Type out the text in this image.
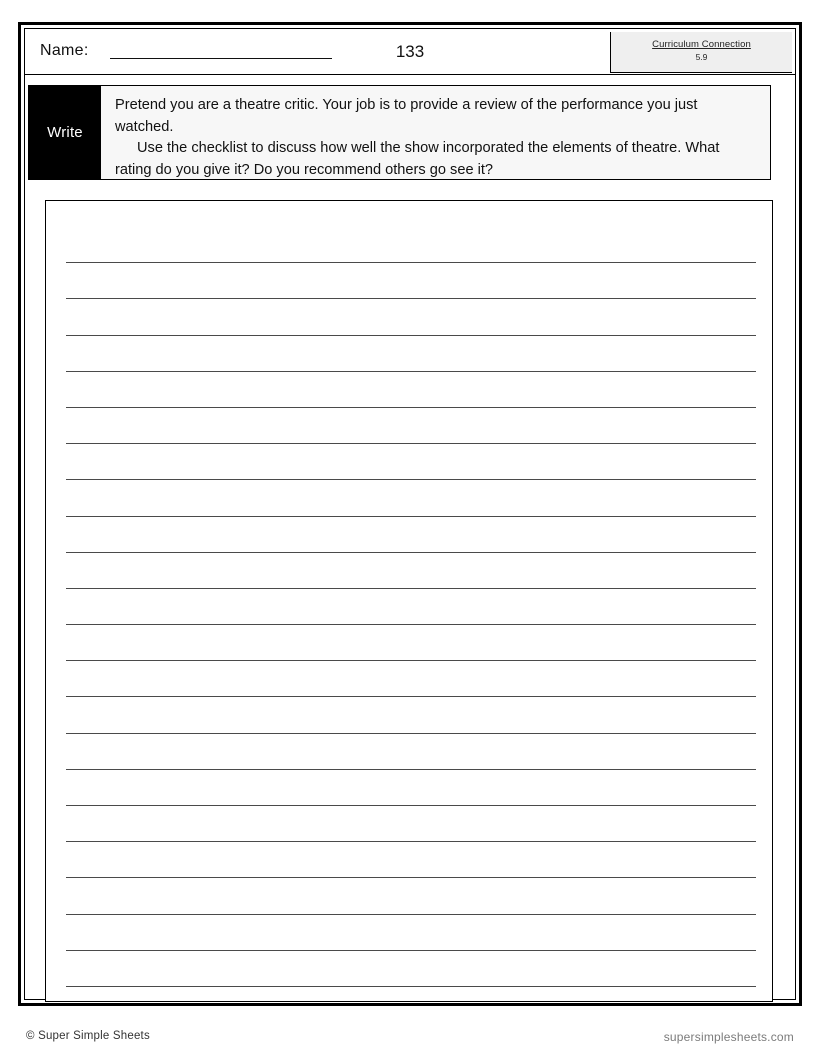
Name:	133	Curriculum Connection
5.9
Write

Pretend you are a theatre critic. Your job is to provide a review of the performance you just watched.

Use the checklist to discuss how well the show incorporated the elements of theatre. What rating do you give it? Do you recommend others go see it?

© Super Simple Sheets	supersimplesheets.com
